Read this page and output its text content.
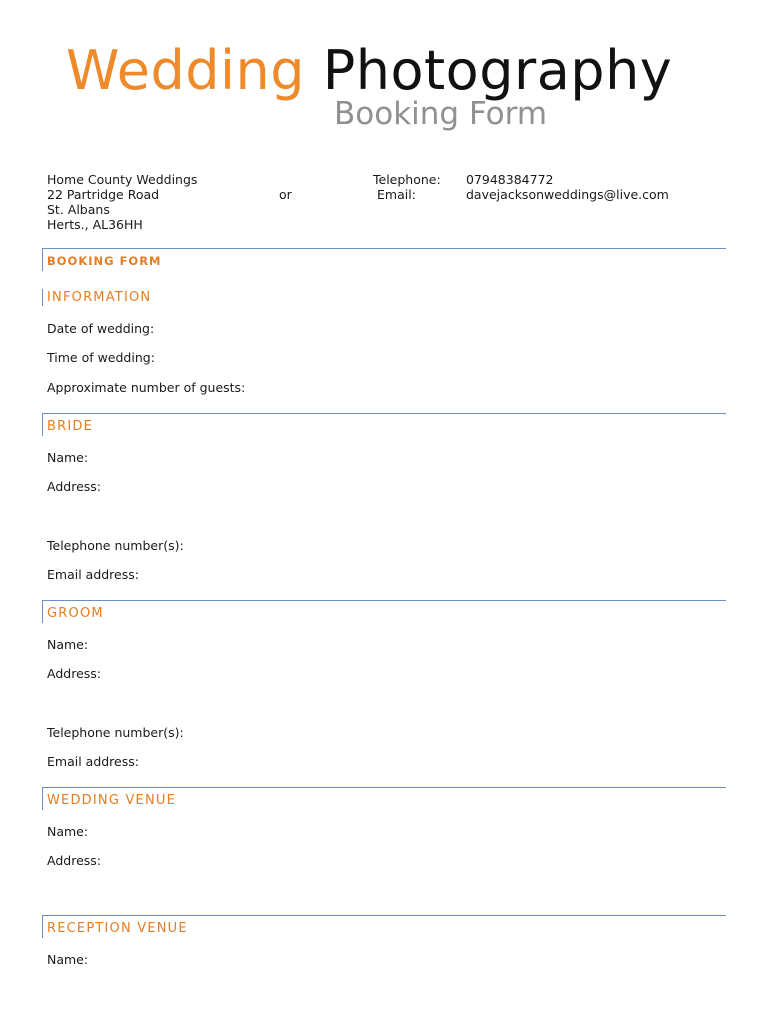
Wedding Photography
Booking Form
Home County Weddings
22 Partridge Road
St. Albans
Herts., AL36HH
or
Telephone:
Email:
07948384772
davejacksonweddings@live.com
BOOKING FORM
INFORMATION
Date of wedding:
Time of wedding:
Approximate number of guests:
BRIDE
Name:
Address:
Telephone number(s):
Email address:
GROOM
Name:
Address:
Telephone number(s):
Email address:
WEDDING VENUE
Name:
Address:
RECEPTION VENUE
Name:
